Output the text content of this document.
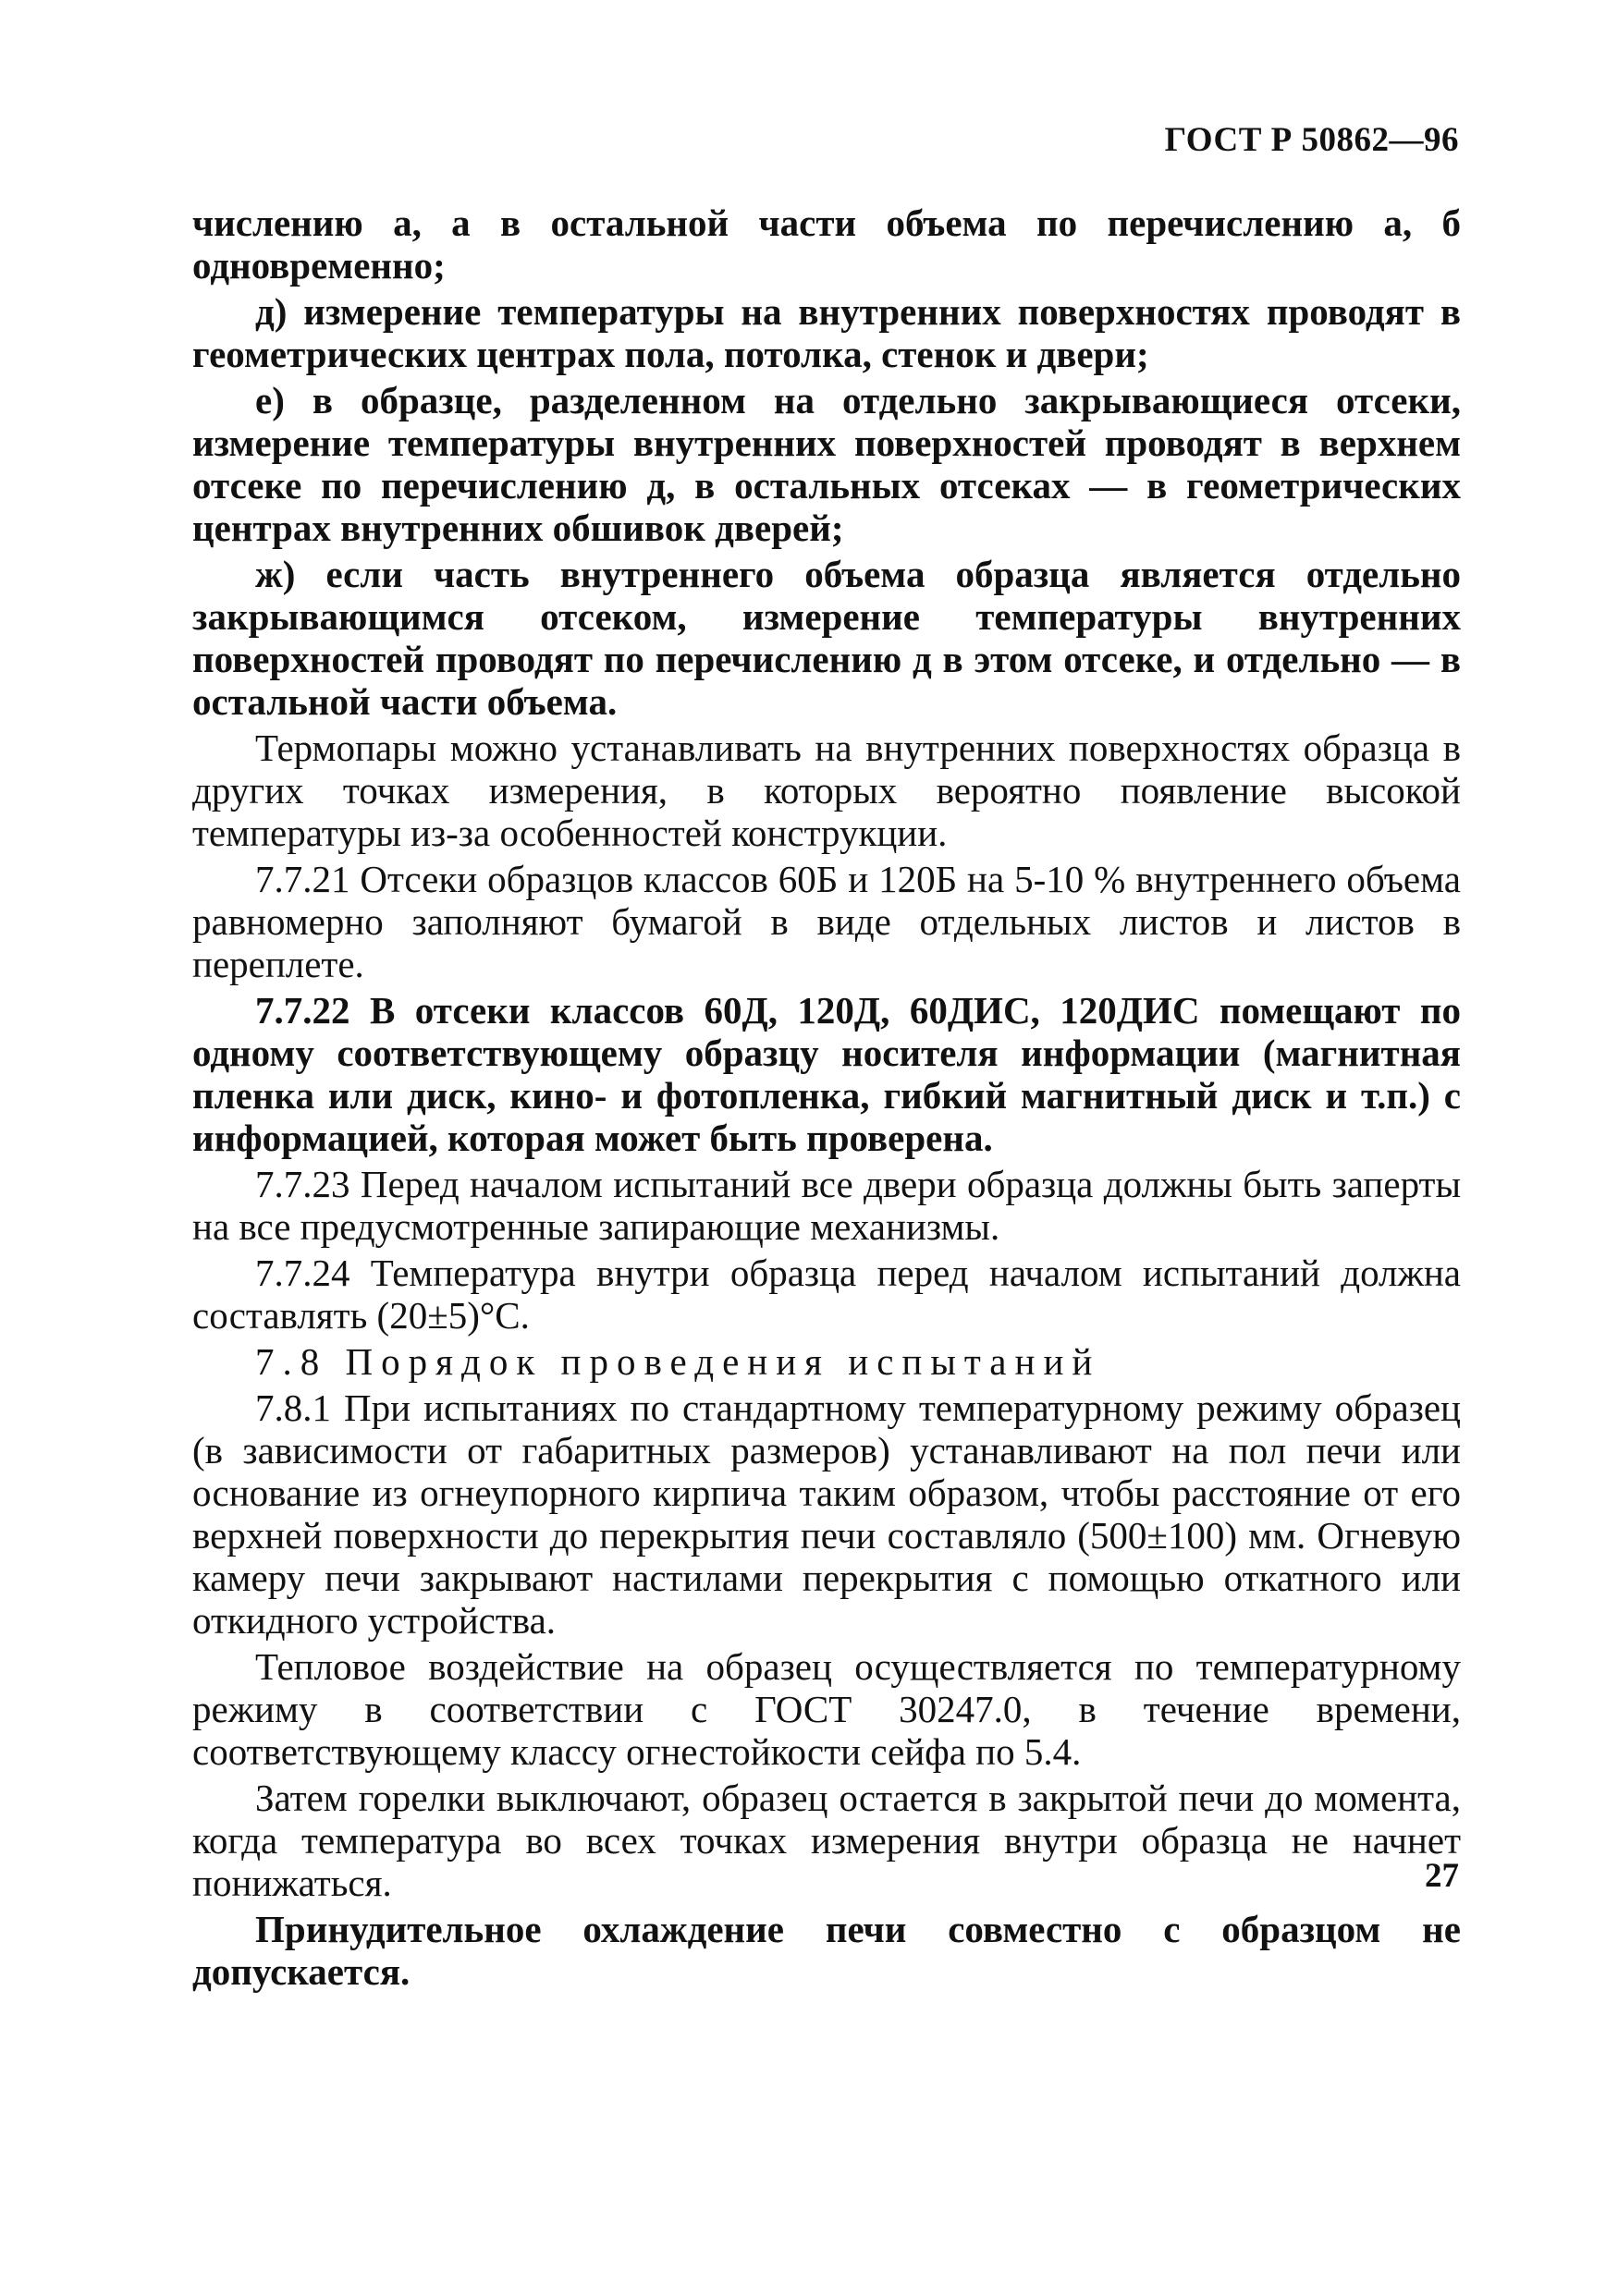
ГОСТ Р 50862—96

числению а, а в остальной части объема по перечислению а, б одновременно;

д) измерение температуры на внутренних поверхностях проводят в геометрических центрах пола, потолка, стенок и двери;

е) в образце, разделенном на отдельно закрывающиеся отсеки, измерение температуры внутренних поверхностей проводят в верхнем отсеке по перечислению д, в остальных отсеках — в геометрических центрах внутренних обшивок дверей;

ж) если часть внутреннего объема образца является отдельно закрывающимся отсеком, измерение температуры внутренних поверхностей проводят по перечислению д в этом отсеке, и отдельно — в остальной части объема.

Термопары можно устанавливать на внутренних поверхностях образца в других точках измерения, в которых вероятно появление высокой температуры из-за особенностей конструкции.

7.7.21 Отсеки образцов классов 60Б и 120Б на 5-10 % внутреннего объема равномерно заполняют бумагой в виде отдельных листов и листов в переплете.

7.7.22 В отсеки классов 60Д, 120Д, 60ДИС, 120ДИС помещают по одному соответствующему образцу носителя информации (магнитная пленка или диск, кино- и фотопленка, гибкий магнитный диск и т.п.) с информацией, которая может быть проверена.

7.7.23 Перед началом испытаний все двери образца должны быть заперты на все предусмотренные запирающие механизмы.

7.7.24 Температура внутри образца перед началом испытаний должна составлять (20±5)°С.

7.8 Порядок проведения испытаний

7.8.1 При испытаниях по стандартному температурному режиму образец (в зависимости от габаритных размеров) устанавливают на пол печи или основание из огнеупорного кирпича таким образом, чтобы расстояние от его верхней поверхности до перекрытия печи составляло (500±100) мм. Огневую камеру печи закрывают настилами перекрытия с помощью откатного или откидного устройства.

Тепловое воздействие на образец осуществляется по температурному режиму в соответствии с ГОСТ 30247.0, в течение времени, соответствующему классу огнестойкости сейфа по 5.4.

Затем горелки выключают, образец остается в закрытой печи до момента, когда температура во всех точках измерения внутри образца не начнет понижаться.

Принудительное охлаждение печи совместно с образцом не допускается.

27
